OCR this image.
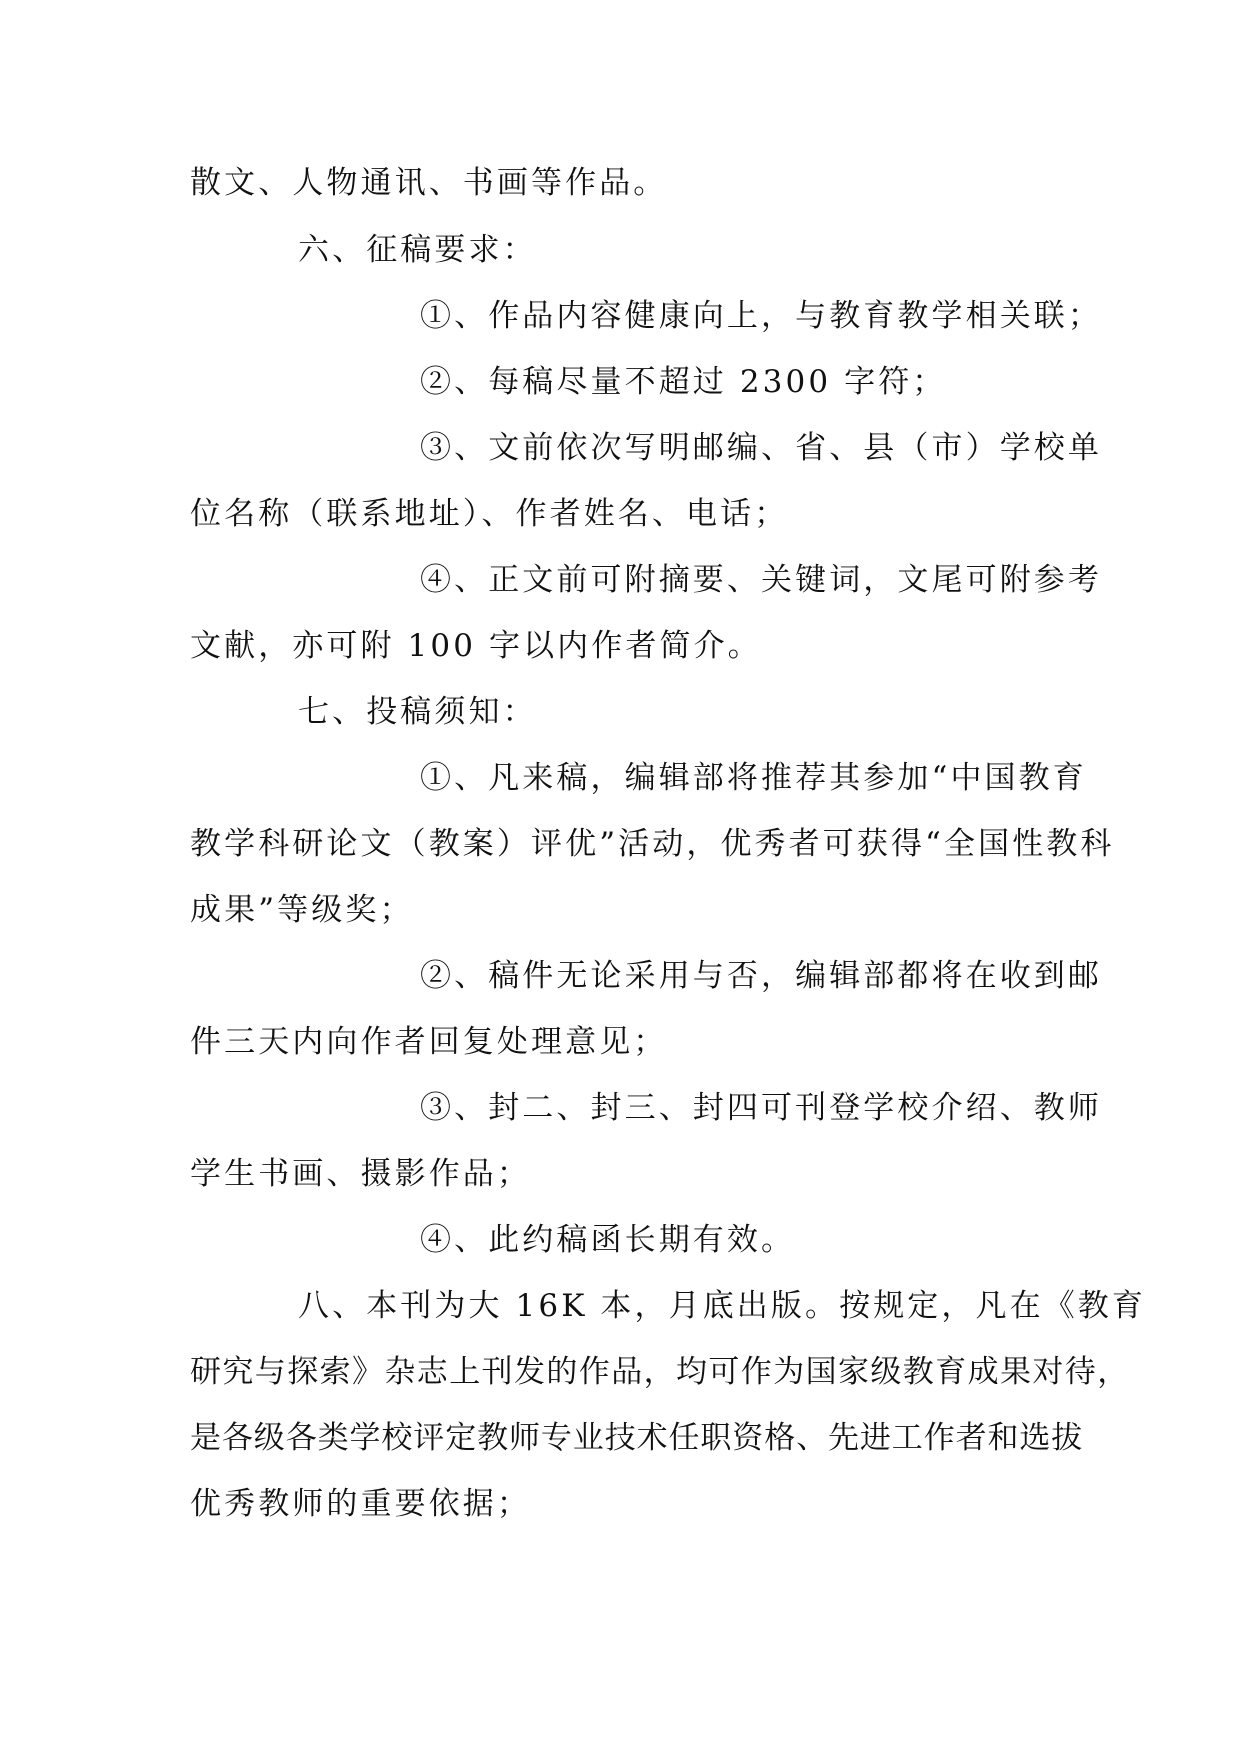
散文、人物通讯、书画等作品。
六、征稿要求：
①、作品内容健康向上，与教育教学相关联；
②、每稿尽量不超过 2300 字符；
③、文前依次写明邮编、省、县（市）学校单
位名称（联系地址）、作者姓名、电话；
④、正文前可附摘要、关键词，文尾可附参考
文献，亦可附 100 字以内作者简介。
七、投稿须知：
①、凡来稿，编辑部将推荐其参加“中国教育
教学科研论文（教案）评优”活动，优秀者可获得“全国性教科
成果”等级奖；
②、稿件无论采用与否，编辑部都将在收到邮
件三天内向作者回复处理意见；
③、封二、封三、封四可刊登学校介绍、教师
学生书画、摄影作品；
④、此约稿函长期有效。
八、本刊为大 16K 本，月底出版。按规定，凡在《教育
研究与探索》杂志上刊发的作品，均可作为国家级教育成果对待，
是各级各类学校评定教师专业技术任职资格、先进工作者和选拔
优秀教师的重要依据；
